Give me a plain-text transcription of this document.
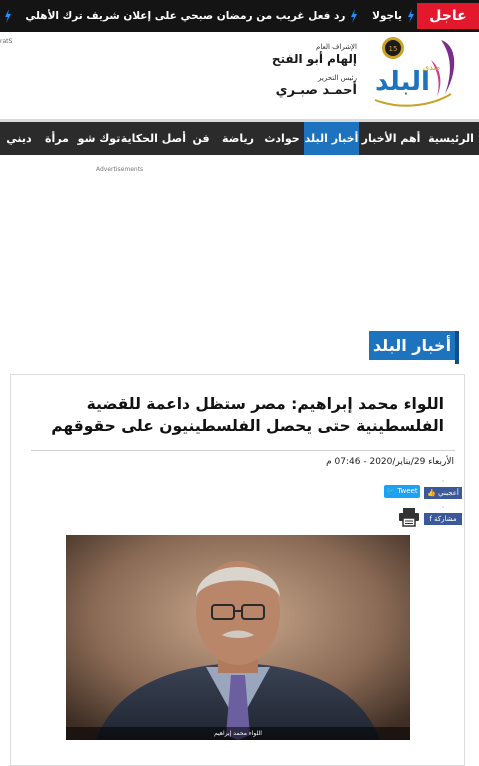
ياجولا رد فعل غريب من رمضان صبحي على إعلان شريف ترك الأهلي	عاجل
ratS
الإشراف العام
إلهام أبو الفتح
رئيس التحرير
أحمـد صبـري
15
البلد
صدى
الرئيسية
أهم الأخبار
أخبار البلد
حوادث
رياضة
فن
أصل الحكاية
توك شو
مرأة
ديني
Advertisements
أخبار البلد
اللواء محمد إبراهيم: مصر ستظل داعمة للقضية الفلسطينية حتى يحصل الفلسطينيون على حقوقهم
الأربعاء 29/يناير/2020 - 07:46 م
٠
👍 أعجبني
٠
f مشاركة
🐦 Tweet
اللواء محمد إبراهيم
